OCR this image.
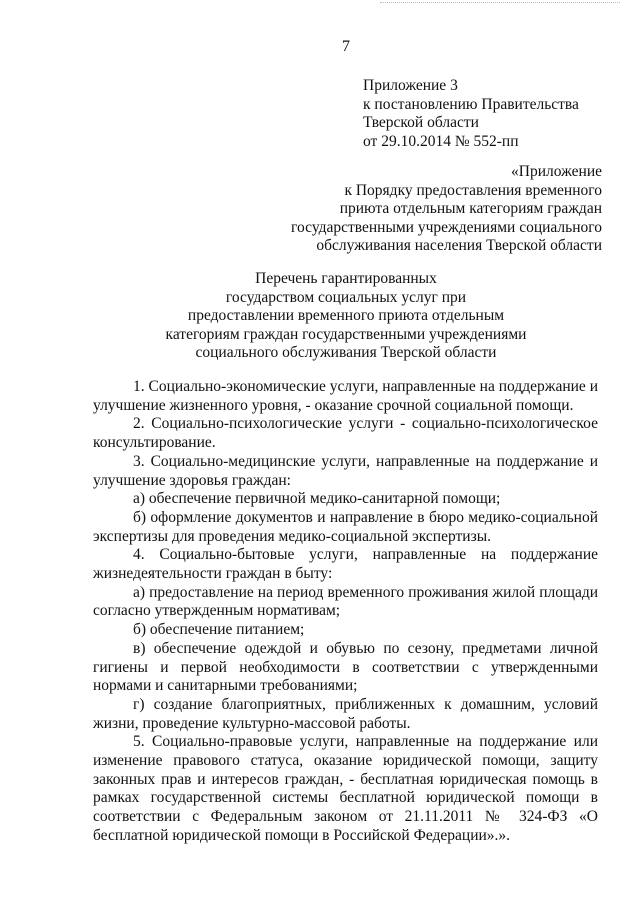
7
Приложение 3
к постановлению Правительства
Тверской области
от 29.10.2014 № 552-пп
«Приложение
к Порядку предоставления временного
приюта отдельным категориям граждан
государственными учреждениями социального
обслуживания населения Тверской области
Перечень гарантированных
государством социальных услуг при
предоставлении временного приюта отдельным
категориям граждан государственными учреждениями
социального обслуживания Тверской области

1. Социально-экономические услуги, направленные на поддержание и улучшение жизненного уровня, - оказание срочной социальной помощи.

2. Социально-психологические услуги - социально-психологическое консультирование.

3. Социально-медицинские услуги, направленные на поддержание и улучшение здоровья граждан:

а) обеспечение первичной медико-санитарной помощи;

б) оформление документов и направление в бюро медико-социальной экспертизы для проведения медико-социальной экспертизы.

4. Социально-бытовые услуги, направленные на поддержание жизнедеятельности граждан в быту:

а) предоставление на период временного проживания жилой площади согласно утвержденным нормативам;

б) обеспечение питанием;

в) обеспечение одеждой и обувью по сезону, предметами личной гигиены и первой необходимости в соответствии с утвержденными нормами и санитарными требованиями;

г) создание благоприятных, приближенных к домашним, условий жизни, проведение культурно-массовой работы.

5. Социально-правовые услуги, направленные на поддержание или изменение правового статуса, оказание юридической помощи, защиту законных прав и интересов граждан, - бесплатная юридическая помощь в рамках государственной системы бесплатной юридической помощи в соответствии с Федеральным законом от 21.11.2011 № 324-ФЗ «О бесплатной юридической помощи в Российской Федерации».».
